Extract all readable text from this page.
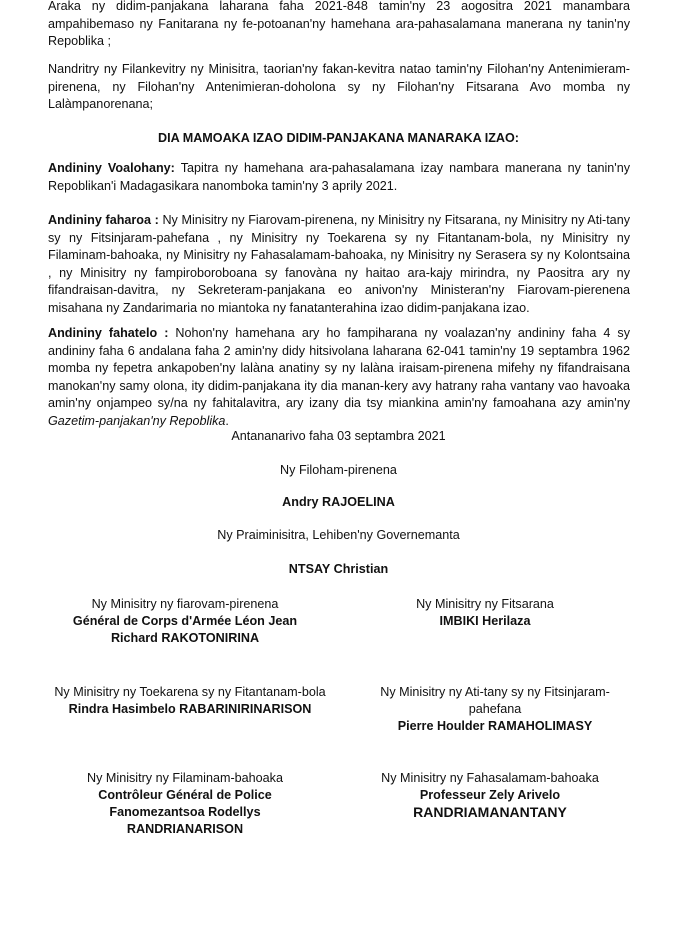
Araka ny didim-panjakana laharana faha 2021-848 tamin'ny 23 aogositra 2021 manambara ampahibemaso ny Fanitarana ny fe-potoanan'ny hamehana ara-pahasalamana manerana ny tanin'ny Repoblika ;

Nandritry ny Filankevitry ny Minisitra, taorian'ny fakan-kevitra natao tamin'ny Filohan'ny Antenimieram-pirenena, ny Filohan'ny Antenimieran-doholona sy ny Filohan'ny Fitsarana Avo momba ny Lalàmpanorenana;

DIA MAMOAKA IZAO DIDIM-PANJAKANA MANARAKA IZAO:

Andininy Voalohany: Tapitra ny hamehana ara-pahasalamana izay nambara manerana ny tanin'ny Repoblikan'i Madagasikara nanomboka tamin'ny 3 aprily 2021.

Andininy faharoa : Ny Minisitry ny Fiarovam-pirenena, ny Minisitry ny Fitsarana, ny Minisitry ny Ati-tany sy ny Fitsinjaram-pahefana , ny Minisitry ny Toekarena sy ny Fitantanam-bola, ny Minisitry ny Filaminam-bahoaka, ny Minisitry ny Fahasalamam-bahoaka, ny Minisitry ny Serasera sy ny Kolontsaina , ny Minisitry ny fampiroboroboana sy fanovàna ny haitao ara-kajy mirindra, ny Paositra ary ny fifandraisan-davitra, ny Sekreteram-panjakana eo anivon'ny Ministeran'ny Fiarovam-pierenena misahana ny Zandarimaria no miantoka ny fanatanterahina izao didim-panjakana izao.

Andininy fahatelo : Nohon'ny hamehana ary ho fampiharana ny voalazan'ny andininy faha 4 sy andininy faha 6 andalana faha 2 amin'ny didy hitsivolana laharana 62-041 tamin'ny 19 septambra 1962 momba ny fepetra ankapoben'ny lalàna anatiny sy ny lalàna iraisam-pirenena mifehy ny fifandraisana manokan'ny samy olona, ity didim-panjakana ity dia manan-kery avy hatrany raha vantany vao havoaka amin'ny onjampeo sy/na ny fahitalavitra, ary izany dia tsy miankina amin'ny famoahana azy amin'ny Gazetim-panjakan'ny Repoblika.

Antananarivo faha 03 septambra 2021

Ny Filoham-pirenena

Andry RAJOELINA

Ny Praiminisitra, Lehiben'ny Governemanta

NTSAY Christian

Ny Minisitry ny fiarovam-pirenena
Général de Corps d'Armée Léon Jean
Richard RAKOTONIRINA
Ny Minisitry ny Fitsarana
IMBIKI Herilaza
Ny Minisitry ny Toekarena sy ny Fitantanam-bola
Rindra Hasimbelo RABARINIRINARISON
Ny Minisitry ny Ati-tany sy ny Fitsinjaram-
pahefana
Pierre Houlder RAMAHOLIMASY
Ny Minisitry ny Filaminam-bahoaka
Contrôleur Général de Police
Fanomezantsoa Rodellys
RANDRIANARISON
Ny Minisitry ny Fahasalamam-bahoaka
Professeur Zely Arivelo
RANDRIAMANANTANY
